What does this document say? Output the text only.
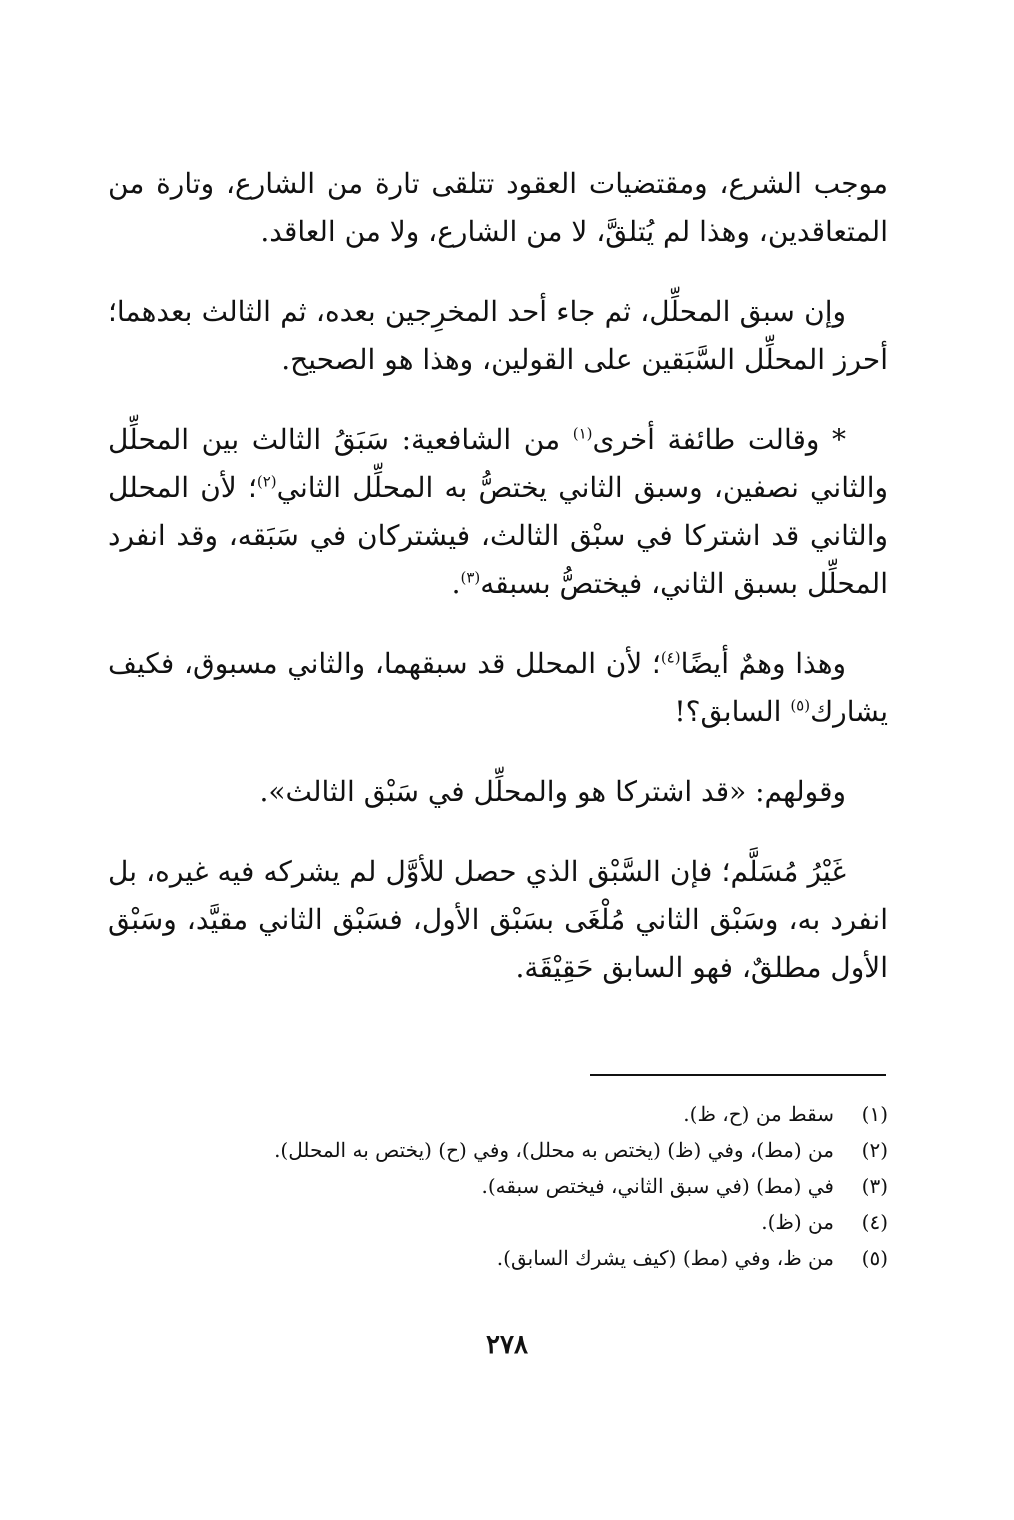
موجب الشرع، ومقتضيات العقود تتلقى تارة من الشارع، وتارة من المتعاقدين، وهذا لم يُتلقَّ، لا من الشارع، ولا من العاقد.

وإن سبق المحلِّل، ثم جاء أحد المخرِجين بعده، ثم الثالث بعدهما؛ أحرز المحلِّل السَّبَقين على القولين، وهذا هو الصحيح.

* وقالت طائفة أخرى$^{(١)}$ من الشافعية: سَبَقُ الثالث بين المحلِّل والثاني نصفين، وسبق الثاني يختصُّ به المحلِّل الثاني$^{(٢)}$؛ لأن المحلل والثاني قد اشتركا في سبْق الثالث، فيشتركان في سَبَقه، وقد انفرد المحلِّل بسبق الثاني، فيختصُّ بسبقه$^{(٣)}$.

وهذا وهمٌ أيضًا$^{(٤)}$؛ لأن المحلل قد سبقهما، والثاني مسبوق، فكيف يشارك$^{(٥)}$ السابق؟!

وقولهم: «قد اشتركا هو والمحلِّل في سَبْق الثالث».

غَيْرُ مُسَلَّم؛ فإن السَّبْق الذي حصل للأوَّل لم يشركه فيه غيره، بل انفرد به، وسَبْق الثاني مُلْغَى بسَبْق الأول، فسَبْق الثاني مقيَّد، وسَبْق الأول مطلقٌ، فهو السابق حَقِيْقَة.

(١)
سقط من (ح، ظ).
(٢)
من (مط)، وفي (ظ) (يختص به محلل)، وفي (ح) (يختص به المحلل).
(٣)
في (مط) (في سبق الثاني، فيختص سبقه).
(٤)
من (ظ).
(٥)
من ظ، وفي (مط) (كيف يشرك السابق).
٢٧٨
